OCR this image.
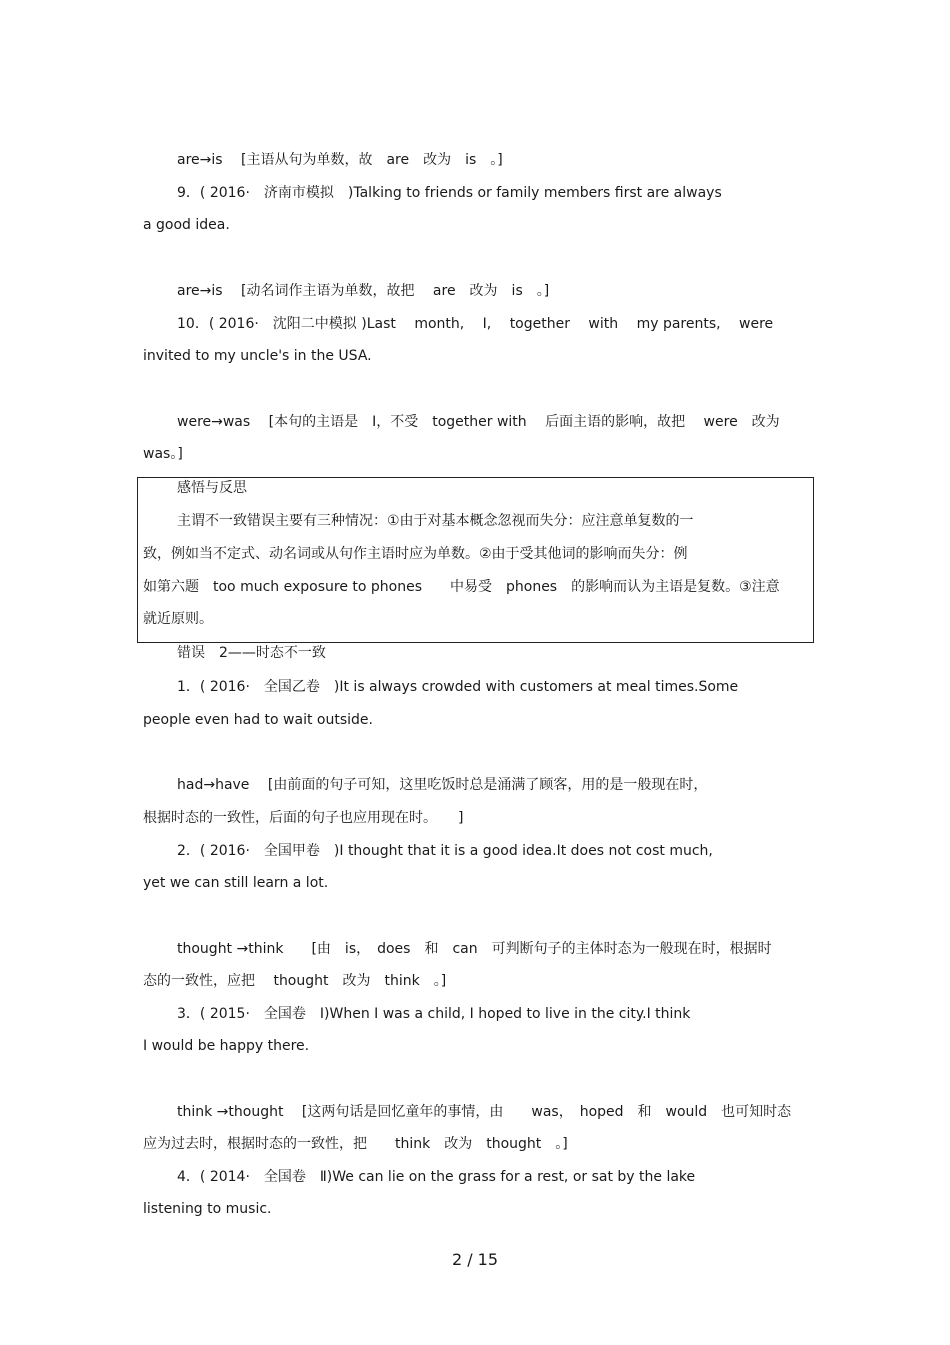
are→is　 [主语从句为单数，故　are　改为　is　。]
9．( 2016·　济南市模拟　)Talking to friends or family members first are always
a good idea.
are→is　 [动名词作主语为单数，故把　 are　改为　is　。]
10．( 2016·　沈阳二中模拟 )Last　 month,　 I,　 together　 with　 my parents,　 were
invited to my uncle's in the USA.
were→was　 [本句的主语是　I，不受　together with　 后面主语的影响，故把　 were　改为
was。]
感悟与反思
主谓不一致错误主要有三种情况：①由于对基本概念忽视而失分：应注意单复数的一
致，例如当不定式、动名词或从句作主语时应为单数。②由于受其他词的影响而失分：例
如第六题　too much exposure to phones　　中易受　phones　的影响而认为主语是复数。③注意
就近原则。
错误　2——时态不一致
1．( 2016·　全国乙卷　)It is always crowded with customers at meal times.Some
people even had to wait outside.
had→have　 [由前面的句子可知，这里吃饭时总是涌满了顾客，用的是一般现在时，
根据时态的一致性，后面的句子也应用现在时。　　]
2．( 2016·　全国甲卷　)I thought that it is a good idea.It does not cost much,
yet we can still learn a lot.
thought →think　　[由　is，　does　和　can　可判断句子的主体时态为一般现在时，根据时
态的一致性，应把　 thought　改为　think　。]
3．( 2015·　全国卷　Ⅰ)When I was a child, I hoped to live in the city.I think
I would be happy there.
think →thought　 [这两句话是回忆童年的事情，由　　was，　hoped　和　would　也可知时态
应为过去时，根据时态的一致性，把　　think　改为　thought　。]
4．( 2014·　全国卷　Ⅱ)We can lie on the grass for a rest, or sat by the lake
listening to music.
2 / 15
